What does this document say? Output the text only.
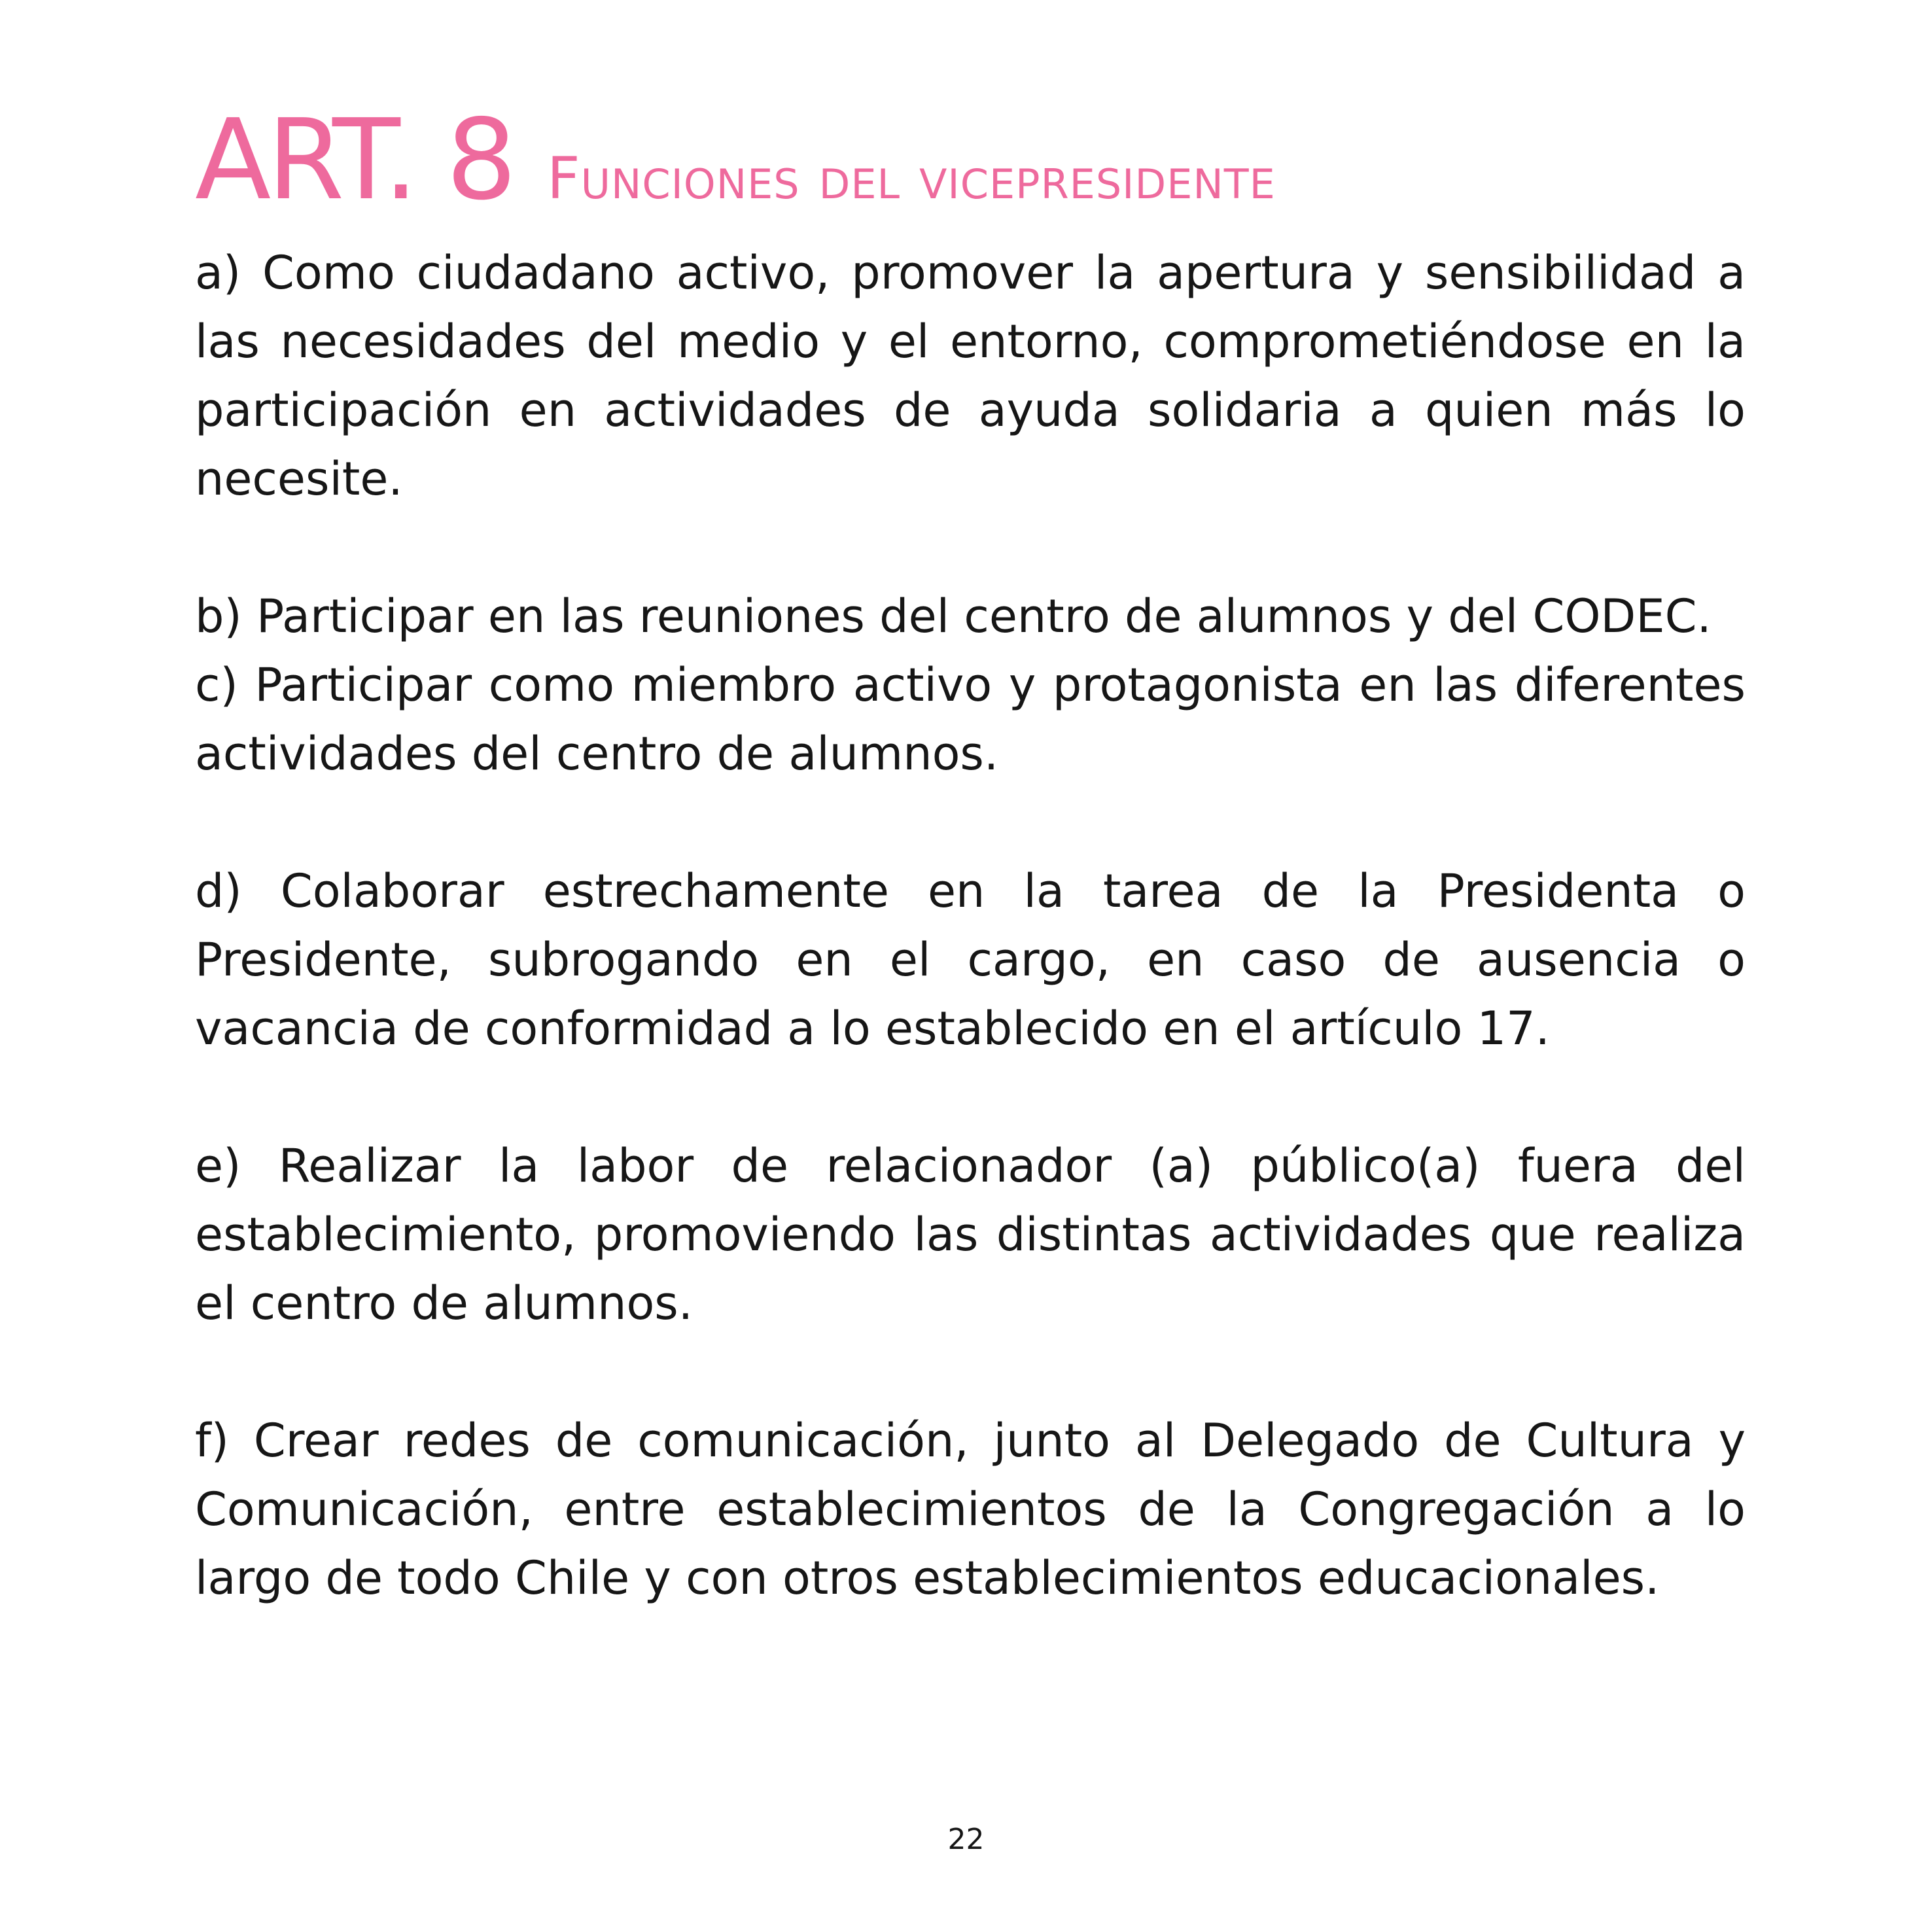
ART. 8 Funciones del vicepresidente

a) Como ciudadano activo, promover la apertura y sensibilidad a las necesidades del medio y el entorno, comprometiéndose en la participación en actividades de ayuda solidaria a quien más lo necesite.

b) Participar en las reuniones del centro de alumnos y del CODEC.

c) Participar como miembro activo y protagonista en las diferentes actividades del centro de alumnos.

d) Colaborar estrechamente en la tarea de la Presidenta o Presidente, subrogando en el cargo, en caso de ausencia o vacancia de conformidad a lo establecido en el artículo 17.

e) Realizar la labor de relacionador (a) público(a) fuera del establecimiento, promoviendo las distintas actividades que realiza el centro de alumnos.

f) Crear redes de comunicación, junto al Delegado de Cultura y Comunicación, entre establecimientos de la Congregación a lo largo de todo Chile y con otros establecimientos educacionales.

22
